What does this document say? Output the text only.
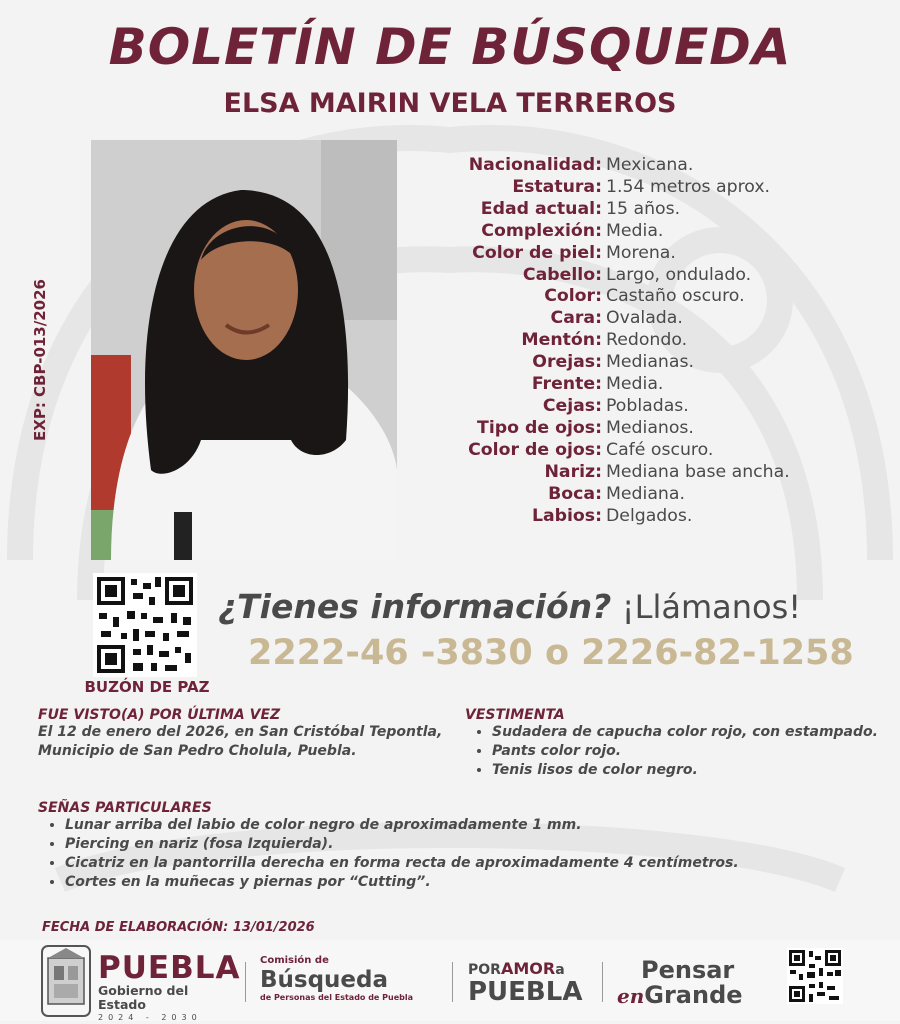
BOLETÍN DE BÚSQUEDA
ELSA MAIRIN VELA TERREROS
EXP: CBP-013/2026
Nacionalidad: Mexicana.
Estatura: 1.54 metros aprox.
Edad actual: 15 años.
Complexión: Media.
Color de piel: Morena.
Cabello: Largo, ondulado.
Color: Castaño oscuro.
Cara: Ovalada.
Mentón: Redondo.
Orejas: Medianas.
Frente: Media.
Cejas: Pobladas.
Tipo de ojos: Medianos.
Color de ojos: Café oscuro.
Nariz: Mediana base ancha.
Boca: Mediana.
Labios: Delgados.
BUZÓN DE PAZ
¿Tienes información? ¡Llámanos!
2222-46 -3830 o 2226-82-1258

FUE VISTO(A) POR ÚLTIMA VEZ

El 12 de enero del 2026, en San Cristóbal Tepontla, Municipio de San Pedro Cholula, Puebla.

VESTIMENTA

• Sudadera de capucha color rojo, con estampado.
• Pants color rojo.
• Tenis lisos de color negro.

SEÑAS PARTICULARES

• Lunar arriba del labio de color negro de aproximadamente 1 mm.
• Piercing en nariz (fosa Izquierda).
• Cicatriz en la pantorrilla derecha en forma recta de aproximadamente 4 centímetros.
• Cortes en la muñecas y piernas por “Cutting”.
FECHA DE ELABORACIÓN: 13/01/2026
PUEBLA
Gobierno del Estado
2024 - 2030
Comisión de
Búsqueda
de Personas del Estado de Puebla
PORAMORa
PUEBLA
Pensar
enGrande
